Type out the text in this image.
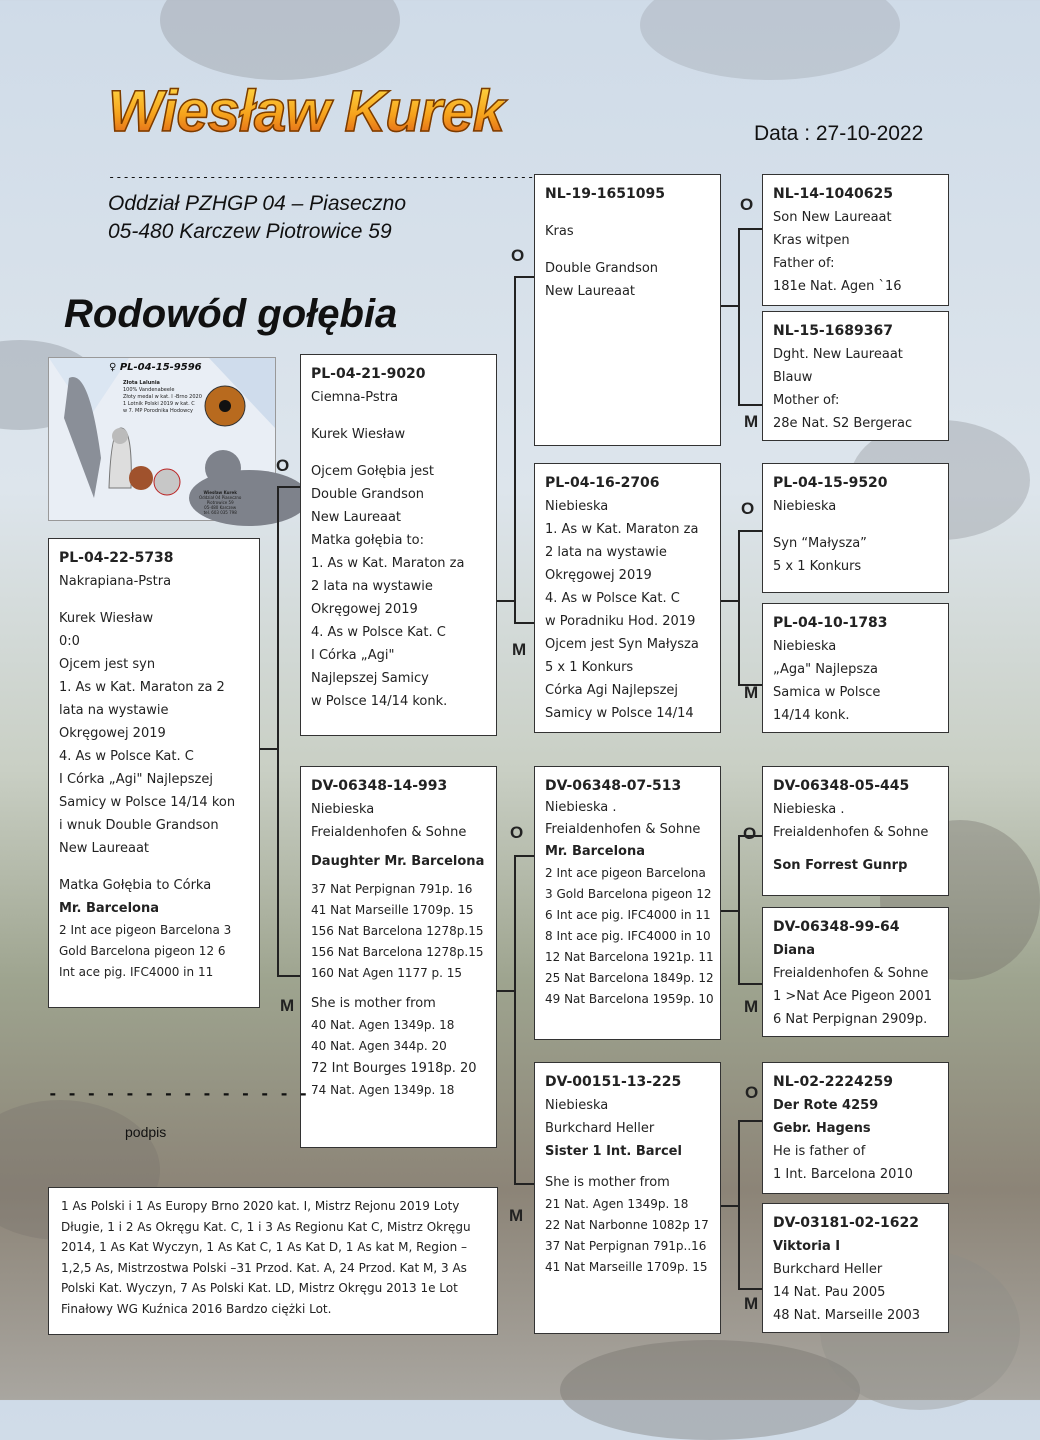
Wiesław Kurek
-----------------------------------------------------------
Oddział PZHGP 04 – Piaseczno
05-480 Karczew Piotrowice 59
Data : 27-10-2022
Rodowód gołębia
♀ PL-04-15-9596
Złota Lalunia
100% Vandenabeele
Złoty medal w kat. I -Brno 2020
1 Lotnik Polski 2019 w kat. C
w 7. MP Porodnika Hodowcy
Wiesław Kurek
Oddział 04 Piaseczno
Piotrowice 59
05-480 Karczew
tel. 603 035 798
O
M
O
M
O
M
O
M
O
M
O
M
O
M
PL-04-22-5738
Nakrapiana-Pstra
Kurek Wiesław
0:0
Ojcem jest syn
1. As w Kat. Maraton za 2
lata na wystawie
Okręgowej 2019
4. As w Polsce Kat. C
I Córka „Agi" Najlepszej
Samicy w Polsce 14/14 kon
i wnuk Double Grandson
New Laureaat
Matka Gołębia to Córka
Mr. Barcelona
2 Int ace pigeon Barcelona 3
Gold Barcelona pigeon 12 6
Int ace pig. IFC4000 in 11
PL-04-21-9020
Ciemna-Pstra
Kurek Wiesław
Ojcem Gołębia jest
Double Grandson
New Laureaat
Matka gołębia to:
1. As w Kat. Maraton za
2 lata na wystawie
Okręgowej 2019
4. As w Polsce Kat. C
I Córka „Agi"
Najlepszej Samicy
w Polsce 14/14 konk.
DV-06348-14-993
Niebieska
Freialdenhofen & Sohne
Daughter Mr. Barcelona
37 Nat Perpignan 791p. 16
41 Nat Marseille 1709p. 15
156 Nat Barcelona 1278p.15
156 Nat Barcelona 1278p.15
160 Nat Agen 1177 p. 15
She is mother from
40 Nat. Agen 1349p. 18
40 Nat. Agen 344p. 20
72 Int Bourges 1918p. 20
74 Nat. Agen 1349p. 18
NL-19-1651095
Kras
Double Grandson
New Laureaat
PL-04-16-2706
Niebieska
1. As w Kat. Maraton za
2 lata na wystawie
Okręgowej 2019
4. As w Polsce Kat. C
w Poradniku Hod. 2019
Ojcem jest Syn Małysza
5 x 1 Konkurs
Córka Agi Najlepszej
Samicy w Polsce 14/14
DV-06348-07-513
Niebieska .
Freialdenhofen & Sohne
Mr. Barcelona
2 Int ace pigeon Barcelona
3 Gold Barcelona pigeon 12
6 Int ace pig. IFC4000 in 11
8 Int ace pig. IFC4000 in 10
12 Nat Barcelona 1921p. 11
25 Nat Barcelona 1849p. 12
49 Nat Barcelona 1959p. 10
DV-00151-13-225
Niebieska
Burkchard Heller
Sister 1 Int. Barcel
She is mother from
21 Nat. Agen 1349p. 18
22 Nat Narbonne 1082p 17
37 Nat Perpignan 791p..16
41 Nat Marseille 1709p. 15
NL-14-1040625
Son New Laureaat
Kras witpen
Father of:
181e Nat. Agen `16
NL-15-1689367
Dght. New Laureaat
Blauw
Mother of:
28e Nat. S2 Bergerac
PL-04-15-9520
Niebieska
Syn “Małysza”
5 x 1 Konkurs
PL-04-10-1783
Niebieska
„Aga" Najlepsza
Samica w Polsce
14/14 konk.
DV-06348-05-445
Niebieska .
Freialdenhofen & Sohne
Son Forrest Gunrp
DV-06348-99-64
Diana
Freialdenhofen & Sohne
1 >Nat Ace Pigeon 2001
6 Nat Perpignan 2909p.
NL-02-2224259
Der Rote 4259
Gebr. Hagens
He is father of
1 Int. Barcelona 2010
DV-03181-02-1622
Viktoria I
Burkchard Heller
14 Nat. Pau 2005
48 Nat. Marseille 2003
- - - - - - - - - - - - - -
podpis
1 As Polski i 1 As Europy Brno 2020 kat. I, Mistrz Rejonu 2019 Loty Długie, 1 i 2 As Okręgu Kat. C, 1 i 3 As Regionu Kat C, Mistrz Okręgu 2014, 1 As Kat Wyczyn, 1 As Kat C, 1 As Kat D, 1 As kat M, Region – 1,2,5 As, Mistrzostwa Polski –31 Przod. Kat. A, 24 Przod. Kat M, 3 As Polski Kat. Wyczyn, 7 As Polski Kat. LD, Mistrz Okręgu 2013 1e Lot Finałowy WG Kuźnica 2016 Bardzo ciężki Lot.
